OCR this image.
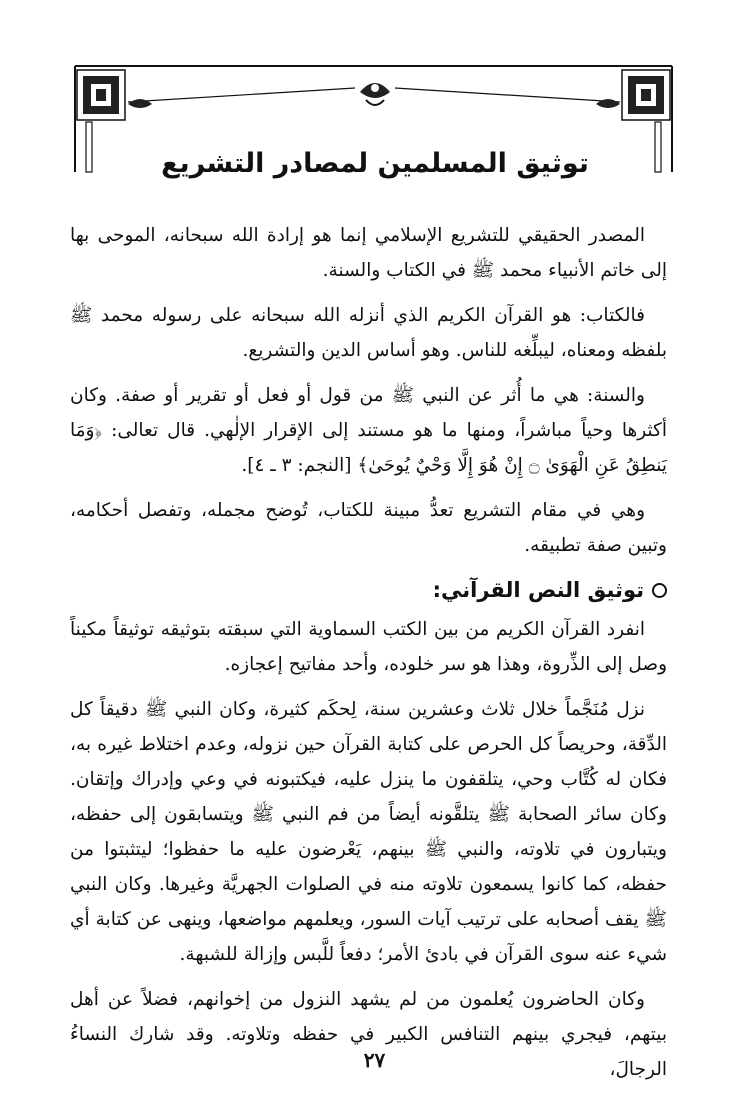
توثيق المسلمين لمصادر التشريع

المصدر الحقيقي للتشريع الإسلامي إنما هو إرادة الله سبحانه، الموحى بها إلى خاتم الأنبياء محمد ﷺ في الكتاب والسنة.

فالكتاب: هو القرآن الكريم الذي أنزله الله سبحانه على رسوله محمد ﷺ بلفظه ومعناه، ليبلِّغه للناس. وهو أساس الدين والتشريع.

والسنة: هي ما أُثر عن النبي ﷺ من قول أو فعل أو تقرير أو صفة. وكان أكثرها وحياً مباشراً، ومنها ما هو مستند إلى الإقرار الإلٰهي. قال تعالى: ﴿وَمَا يَنطِقُ عَنِ الْهَوَىٰ ۝ إِنْ هُوَ إِلَّا وَحْيٌ يُوحَىٰ﴾ [النجم: ٣ ـ ٤].

وهي في مقام التشريع تعدُّ مبينة للكتاب، تُوضح مجمله، وتفصل أحكامه، وتبين صفة تطبيقه.

توثيق النص القرآني:

انفرد القرآن الكريم من بين الكتب السماوية التي سبقته بتوثيقه توثيقاً مكيناً وصل إلى الذِّروة، وهذا هو سر خلوده، وأحد مفاتيح إعجازه.

نزل مُنَجَّماً خلال ثلاث وعشرين سنة، لِحكَم كثيرة، وكان النبي ﷺ دقيقاً كل الدِّقة، وحريصاً كل الحرص على كتابة القرآن حين نزوله، وعدم اختلاط غيره به، فكان له كُتَّاب وحي، يتلقفون ما ينزل عليه، فيكتبونه في وعي وإدراك وإتقان. وكان سائر الصحابة ﷺ يتلقَّونه أيضاً من فم النبي ﷺ ويتسابقون إلى حفظه، ويتبارون في تلاوته، والنبي ﷺ بينهم، يَعْرضون عليه ما حفظوا؛ ليتثبتوا من حفظه، كما كانوا يسمعون تلاوته منه في الصلوات الجهريَّة وغيرها. وكان النبي ﷺ يقف أصحابه على ترتيب آيات السور، ويعلمهم مواضعها، وينهى عن كتابة أي شيء عنه سوى القرآن في بادئ الأمر؛ دفعاً للَّبس وإزالة للشبهة.

وكان الحاضرون يُعلمون من لم يشهد النزول من إخوانهم، فضلاً عن أهل بيتهم، فيجري بينهم التنافس الكبير في حفظه وتلاوته. وقد شارك النساءُ الرجالَ،

٢٧
